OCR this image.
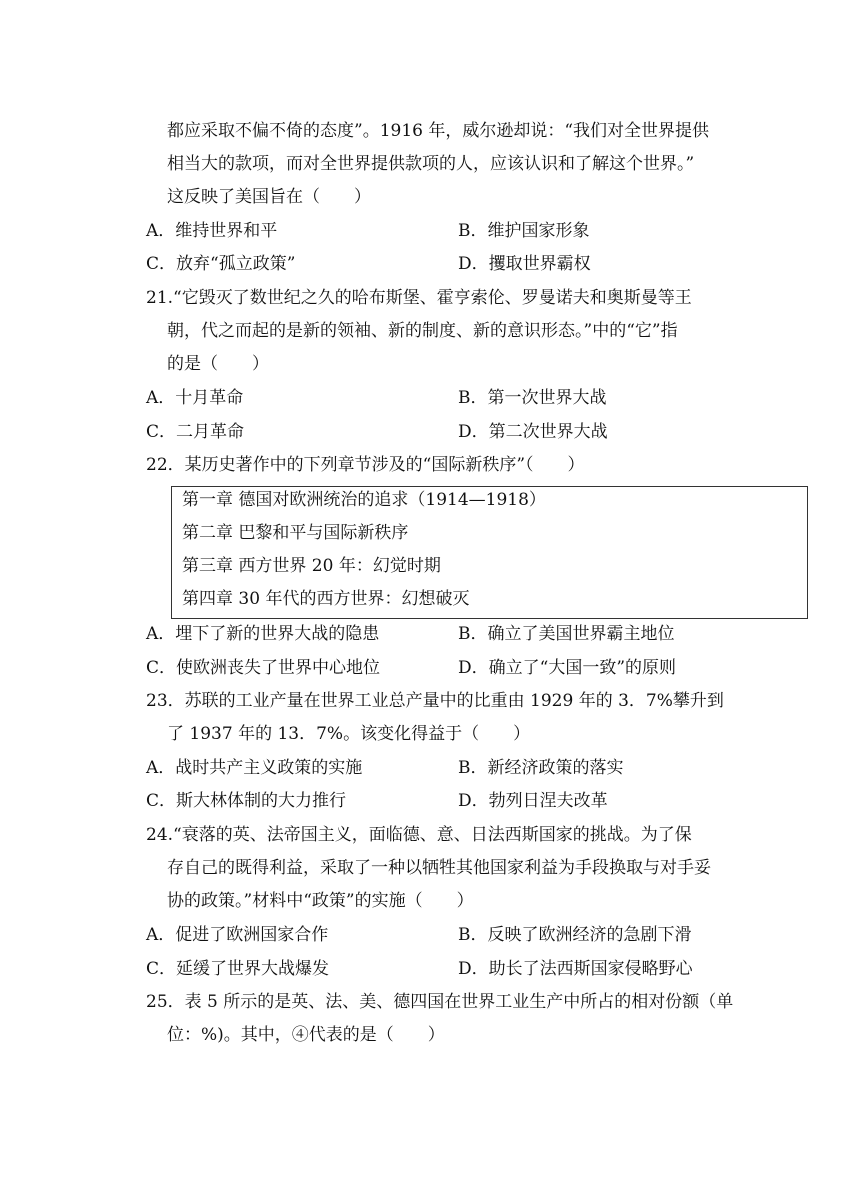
都应采取不偏不倚的态度”。1916 年，威尔逊却说：“我们对全世界提供
相当大的款项，而对全世界提供款项的人，应该认识和了解这个世界。”
这反映了美国旨在（　　）
A．维持世界和平	B．维护国家形象
C．放弃“孤立政策”	D．攫取世界霸权
21.“它毁灭了数世纪之久的哈布斯堡、霍亨索伦、罗曼诺夫和奥斯曼等王
朝，代之而起的是新的领袖、新的制度、新的意识形态。”中的“它”指
的是（　　）
A．十月革命	B．第一次世界大战
C．二月革命	D．第二次世界大战
22．某历史著作中的下列章节涉及的“国际新秩序”（　　）
第一章 德国对欧洲统治的追求（1914—1918）
第二章 巴黎和平与国际新秩序
第三章 西方世界 20 年：幻觉时期
第四章 30 年代的西方世界：幻想破灭
A．埋下了新的世界大战的隐患	B．确立了美国世界霸主地位
C．使欧洲丧失了世界中心地位	D．确立了“大国一致”的原则
23．苏联的工业产量在世界工业总产量中的比重由 1929 年的 3．7%攀升到
了 1937 年的 13．7%。该变化得益于（　　）
A．战时共产主义政策的实施	B．新经济政策的落实
C．斯大林体制的大力推行	D．勃列日涅夫改革
24.“衰落的英、法帝国主义，面临德、意、日法西斯国家的挑战。为了保
存自己的既得利益，采取了一种以牺牲其他国家利益为手段换取与对手妥
协的政策。”材料中“政策”的实施（　　）
A．促进了欧洲国家合作	B．反映了欧洲经济的急剧下滑
C．延缓了世界大战爆发	D．助长了法西斯国家侵略野心
25．表 5 所示的是英、法、美、德四国在世界工业生产中所占的相对份额（单
位：%)。其中，④代表的是（　　）
